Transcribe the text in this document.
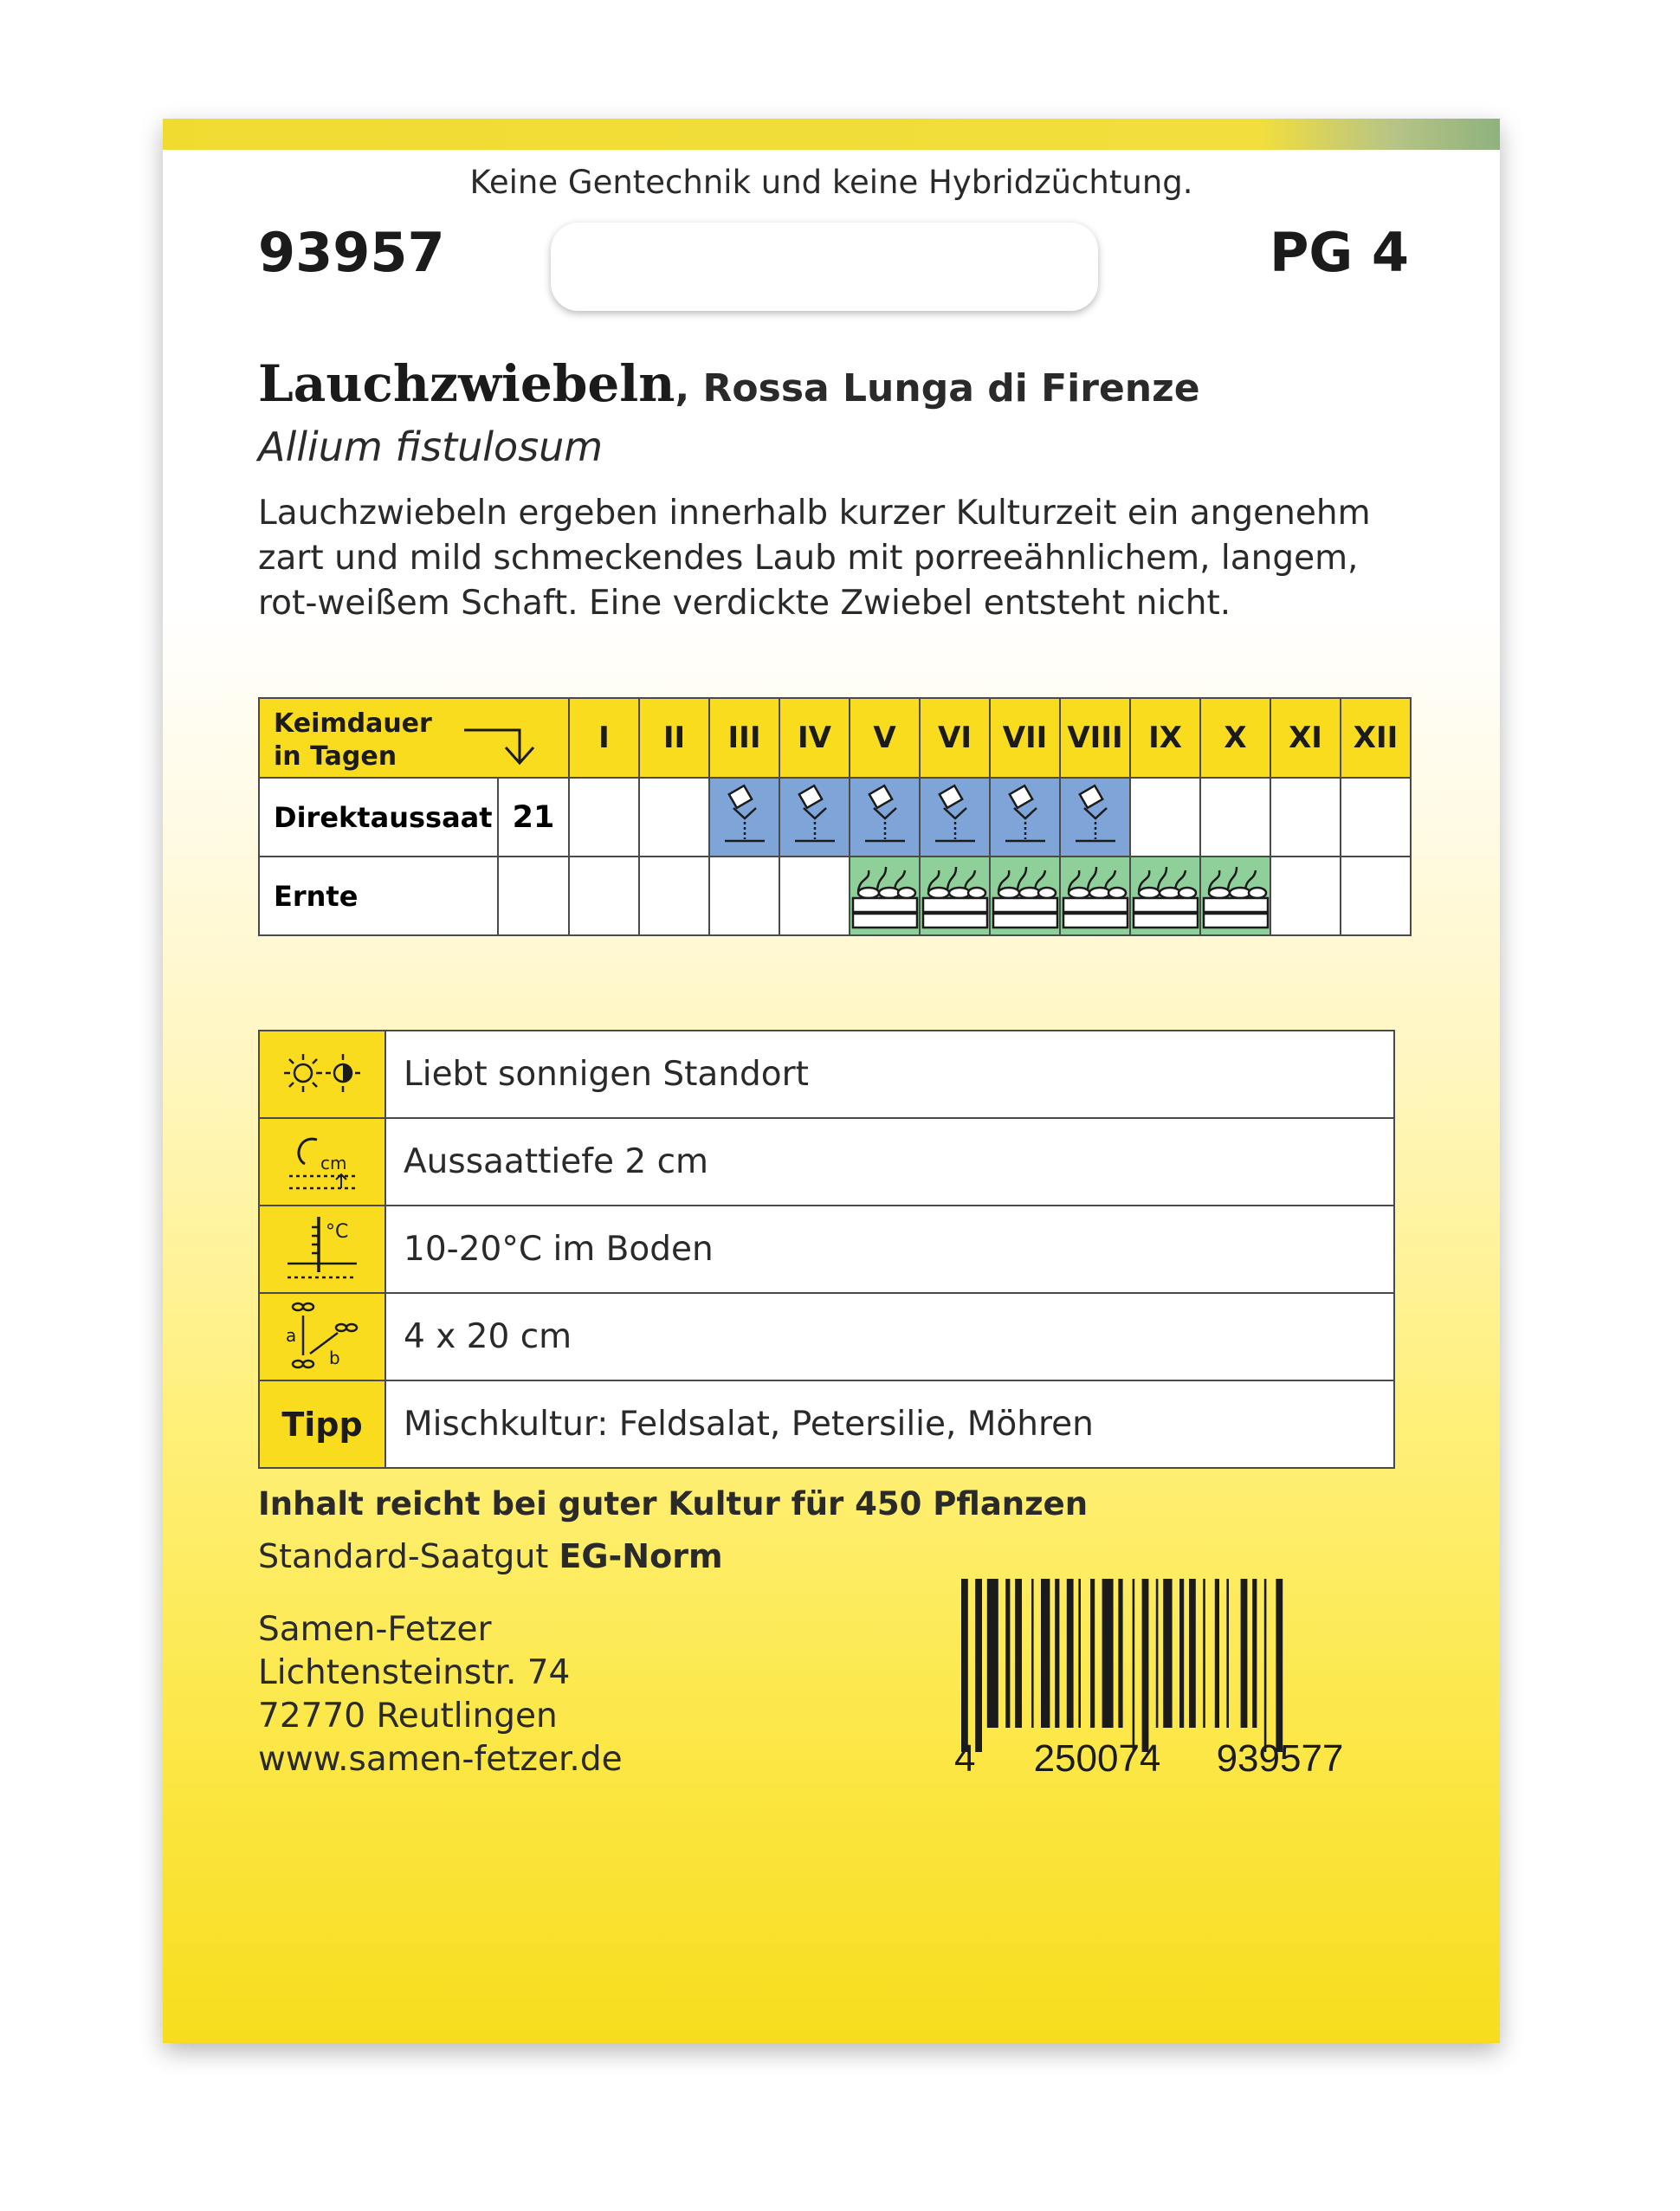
Keine Gentechnik und keine Hybridzüchtung.
93957	PG 4
Lauchzwiebeln, Rossa Lunga di Firenze
Allium fistulosum
Lauchzwiebeln ergeben innerhalb kurzer Kulturzeit ein angenehm zart und mild schmeckendes Laub mit porreeähnlichem, langem, rot-weißem Schaft. Eine verdickte Zwiebel entsteht nicht.
Keimdauer
in Tagen		I	II	III	IV	V	VI	VII	VIII	IX	X	XI	XII
Direktaussaat	21												
Ernte													
	Liebt sonnigen Standort

cm	Aussaattiefe 2 cm

°C	10-20°C im Boden

a
b	4 x 20 cm
Tipp	Mischkultur: Feldsalat, Petersilie, Möhren
Inhalt reicht bei guter Kultur für 450 Pflanzen
Standard-Saatgut EG-Norm
Samen-Fetzer
Lichtensteinstr. 74
72770 Reutlingen
www.samen-fetzer.de	4 250074 939577
